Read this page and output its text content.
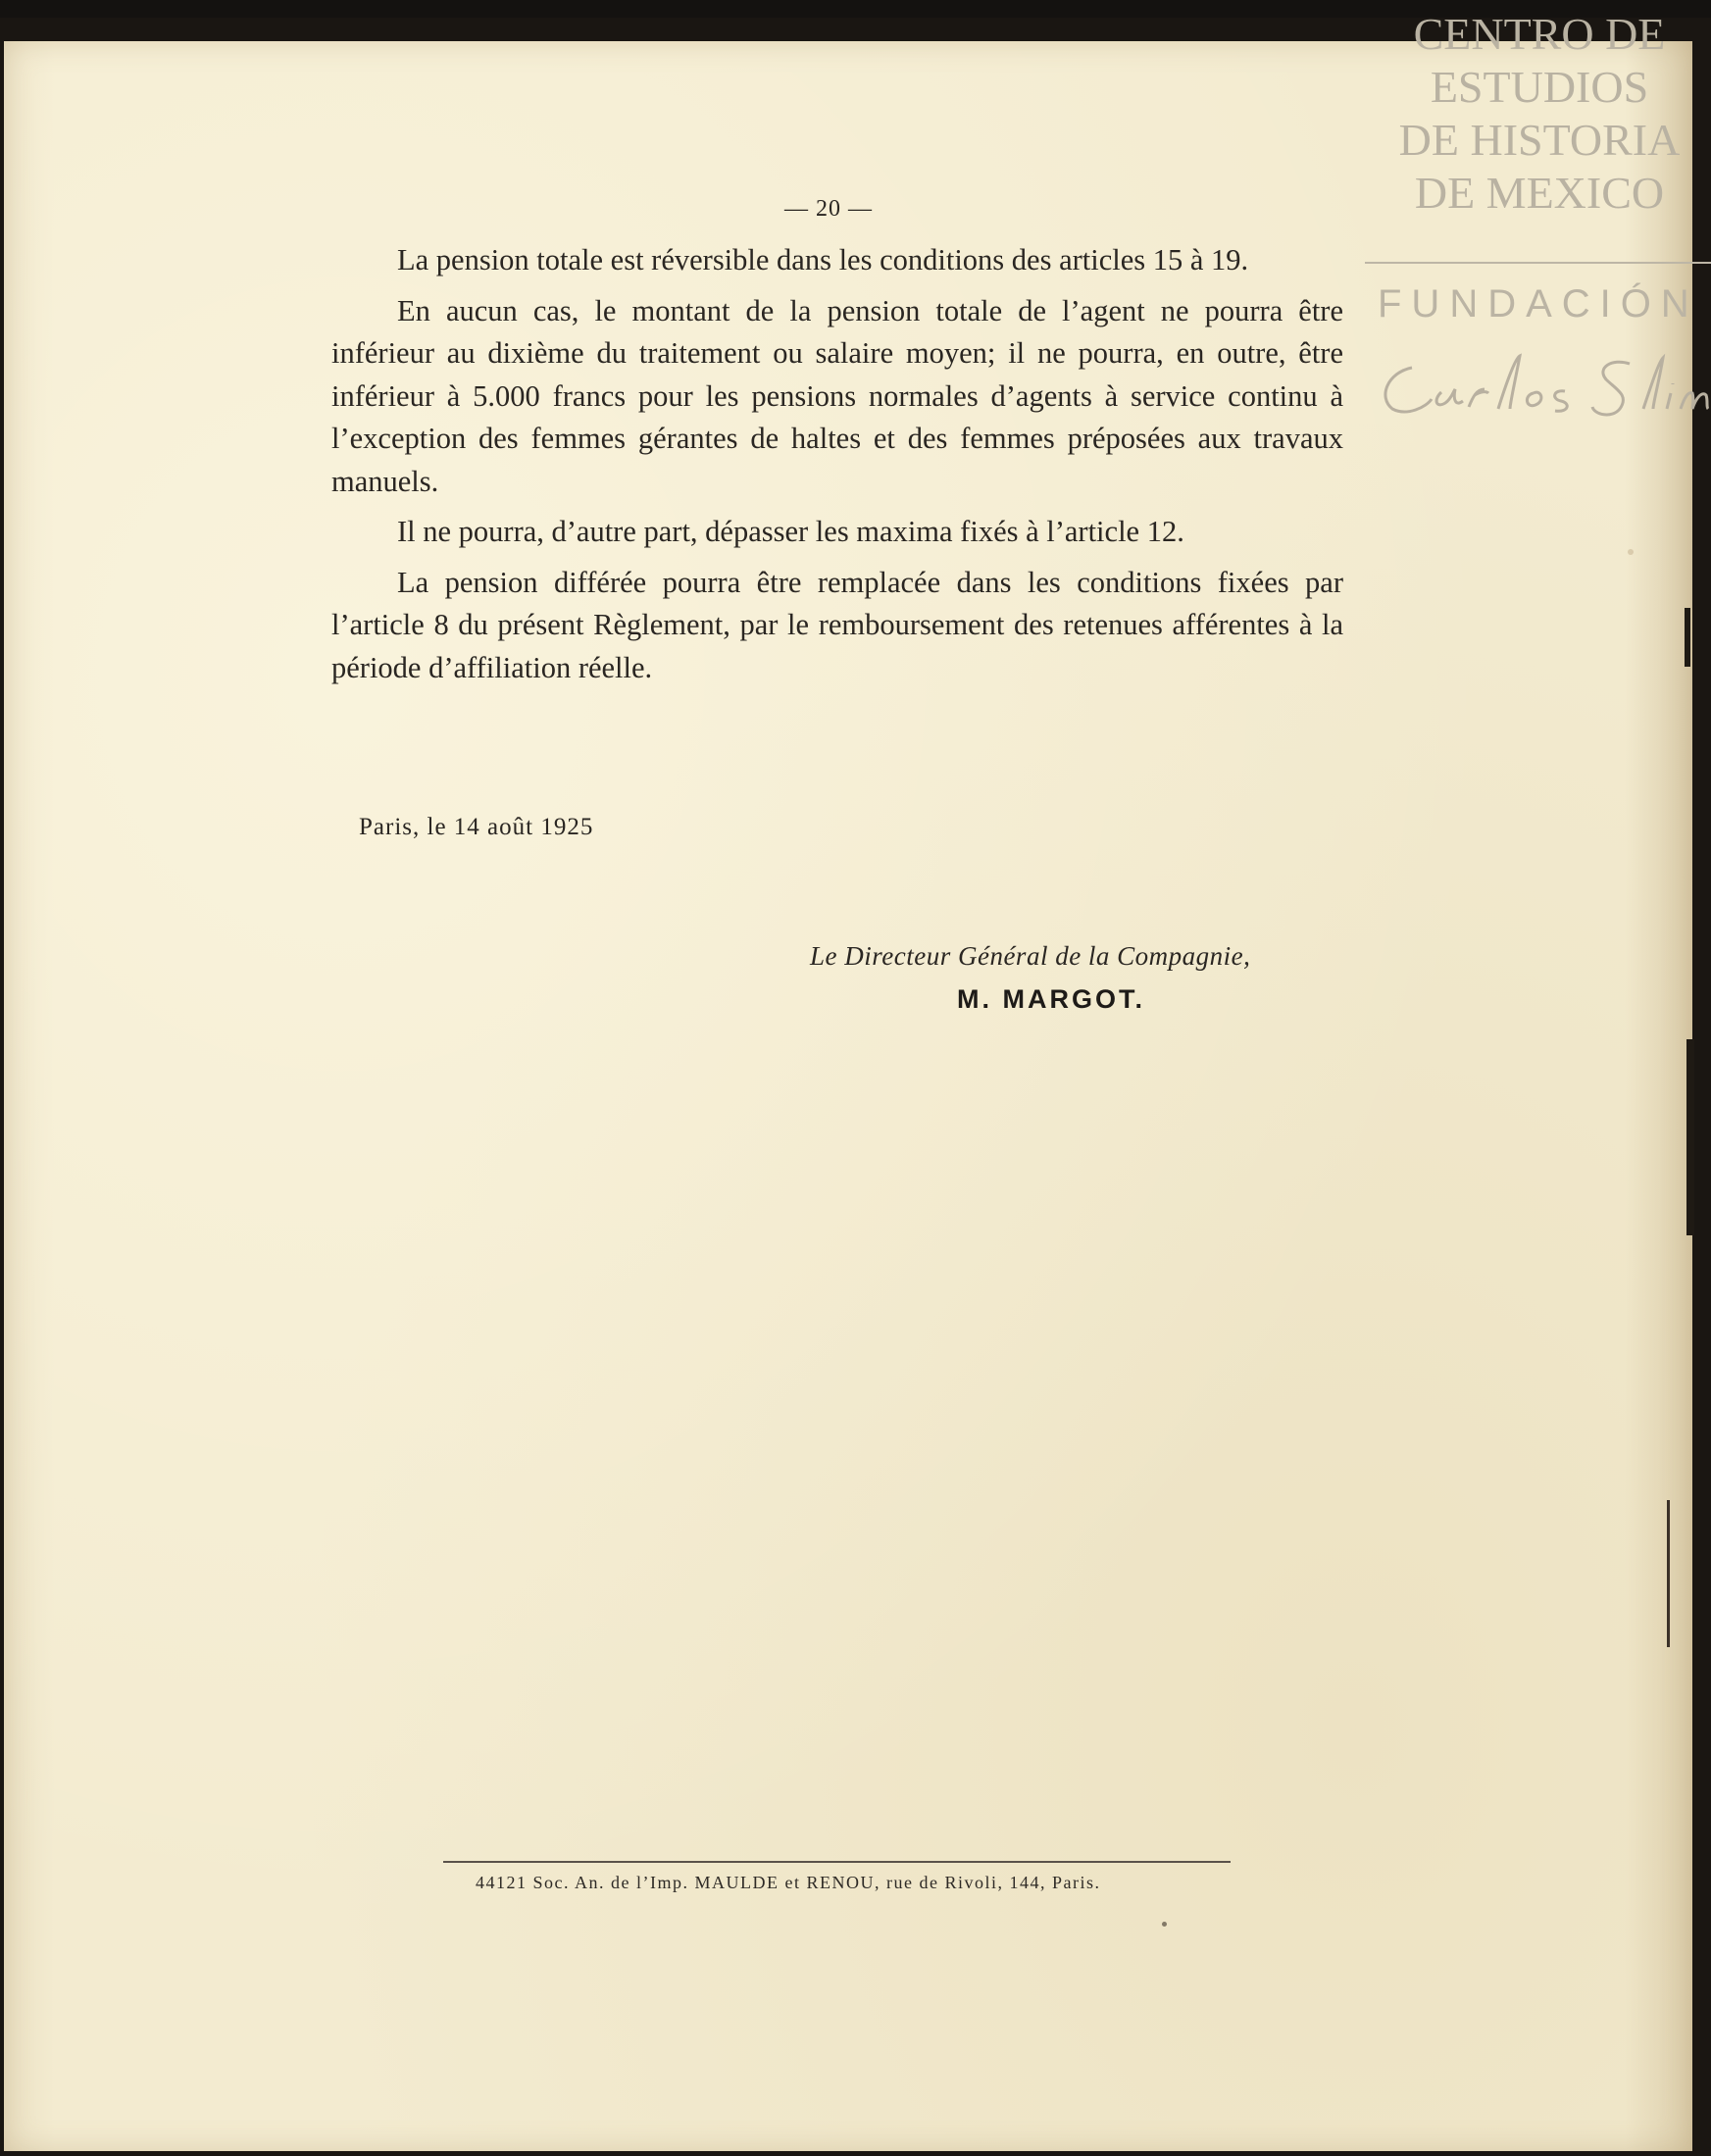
CENTRO DE
ESTUDIOS
DE HISTORIA
DE MEXICO
FUNDACIÓN
— 20 —

La pension totale est réversible dans les conditions des articles 15 à 19.

En aucun cas, le montant de la pension totale de l’agent ne pourra être inférieur au dixième du traitement ou salaire moyen; il ne pourra, en outre, être inférieur à 5.000 francs pour les pensions normales d’agents à service continu à l’exception des femmes gérantes de haltes et des femmes préposées aux travaux manuels.

Il ne pourra, d’autre part, dépasser les maxima fixés à l’article 12.

La pension différée pourra être remplacée dans les conditions fixées par l’article 8 du présent Règlement, par le remboursement des retenues afférentes à la période d’affiliation réelle.

Paris, le 14 août 1925
Le Directeur Général de la Compagnie,
M. MARGOT.
44121 Soc. An. de l’Imp. MAULDE et RENOU, rue de Rivoli, 144, Paris.
